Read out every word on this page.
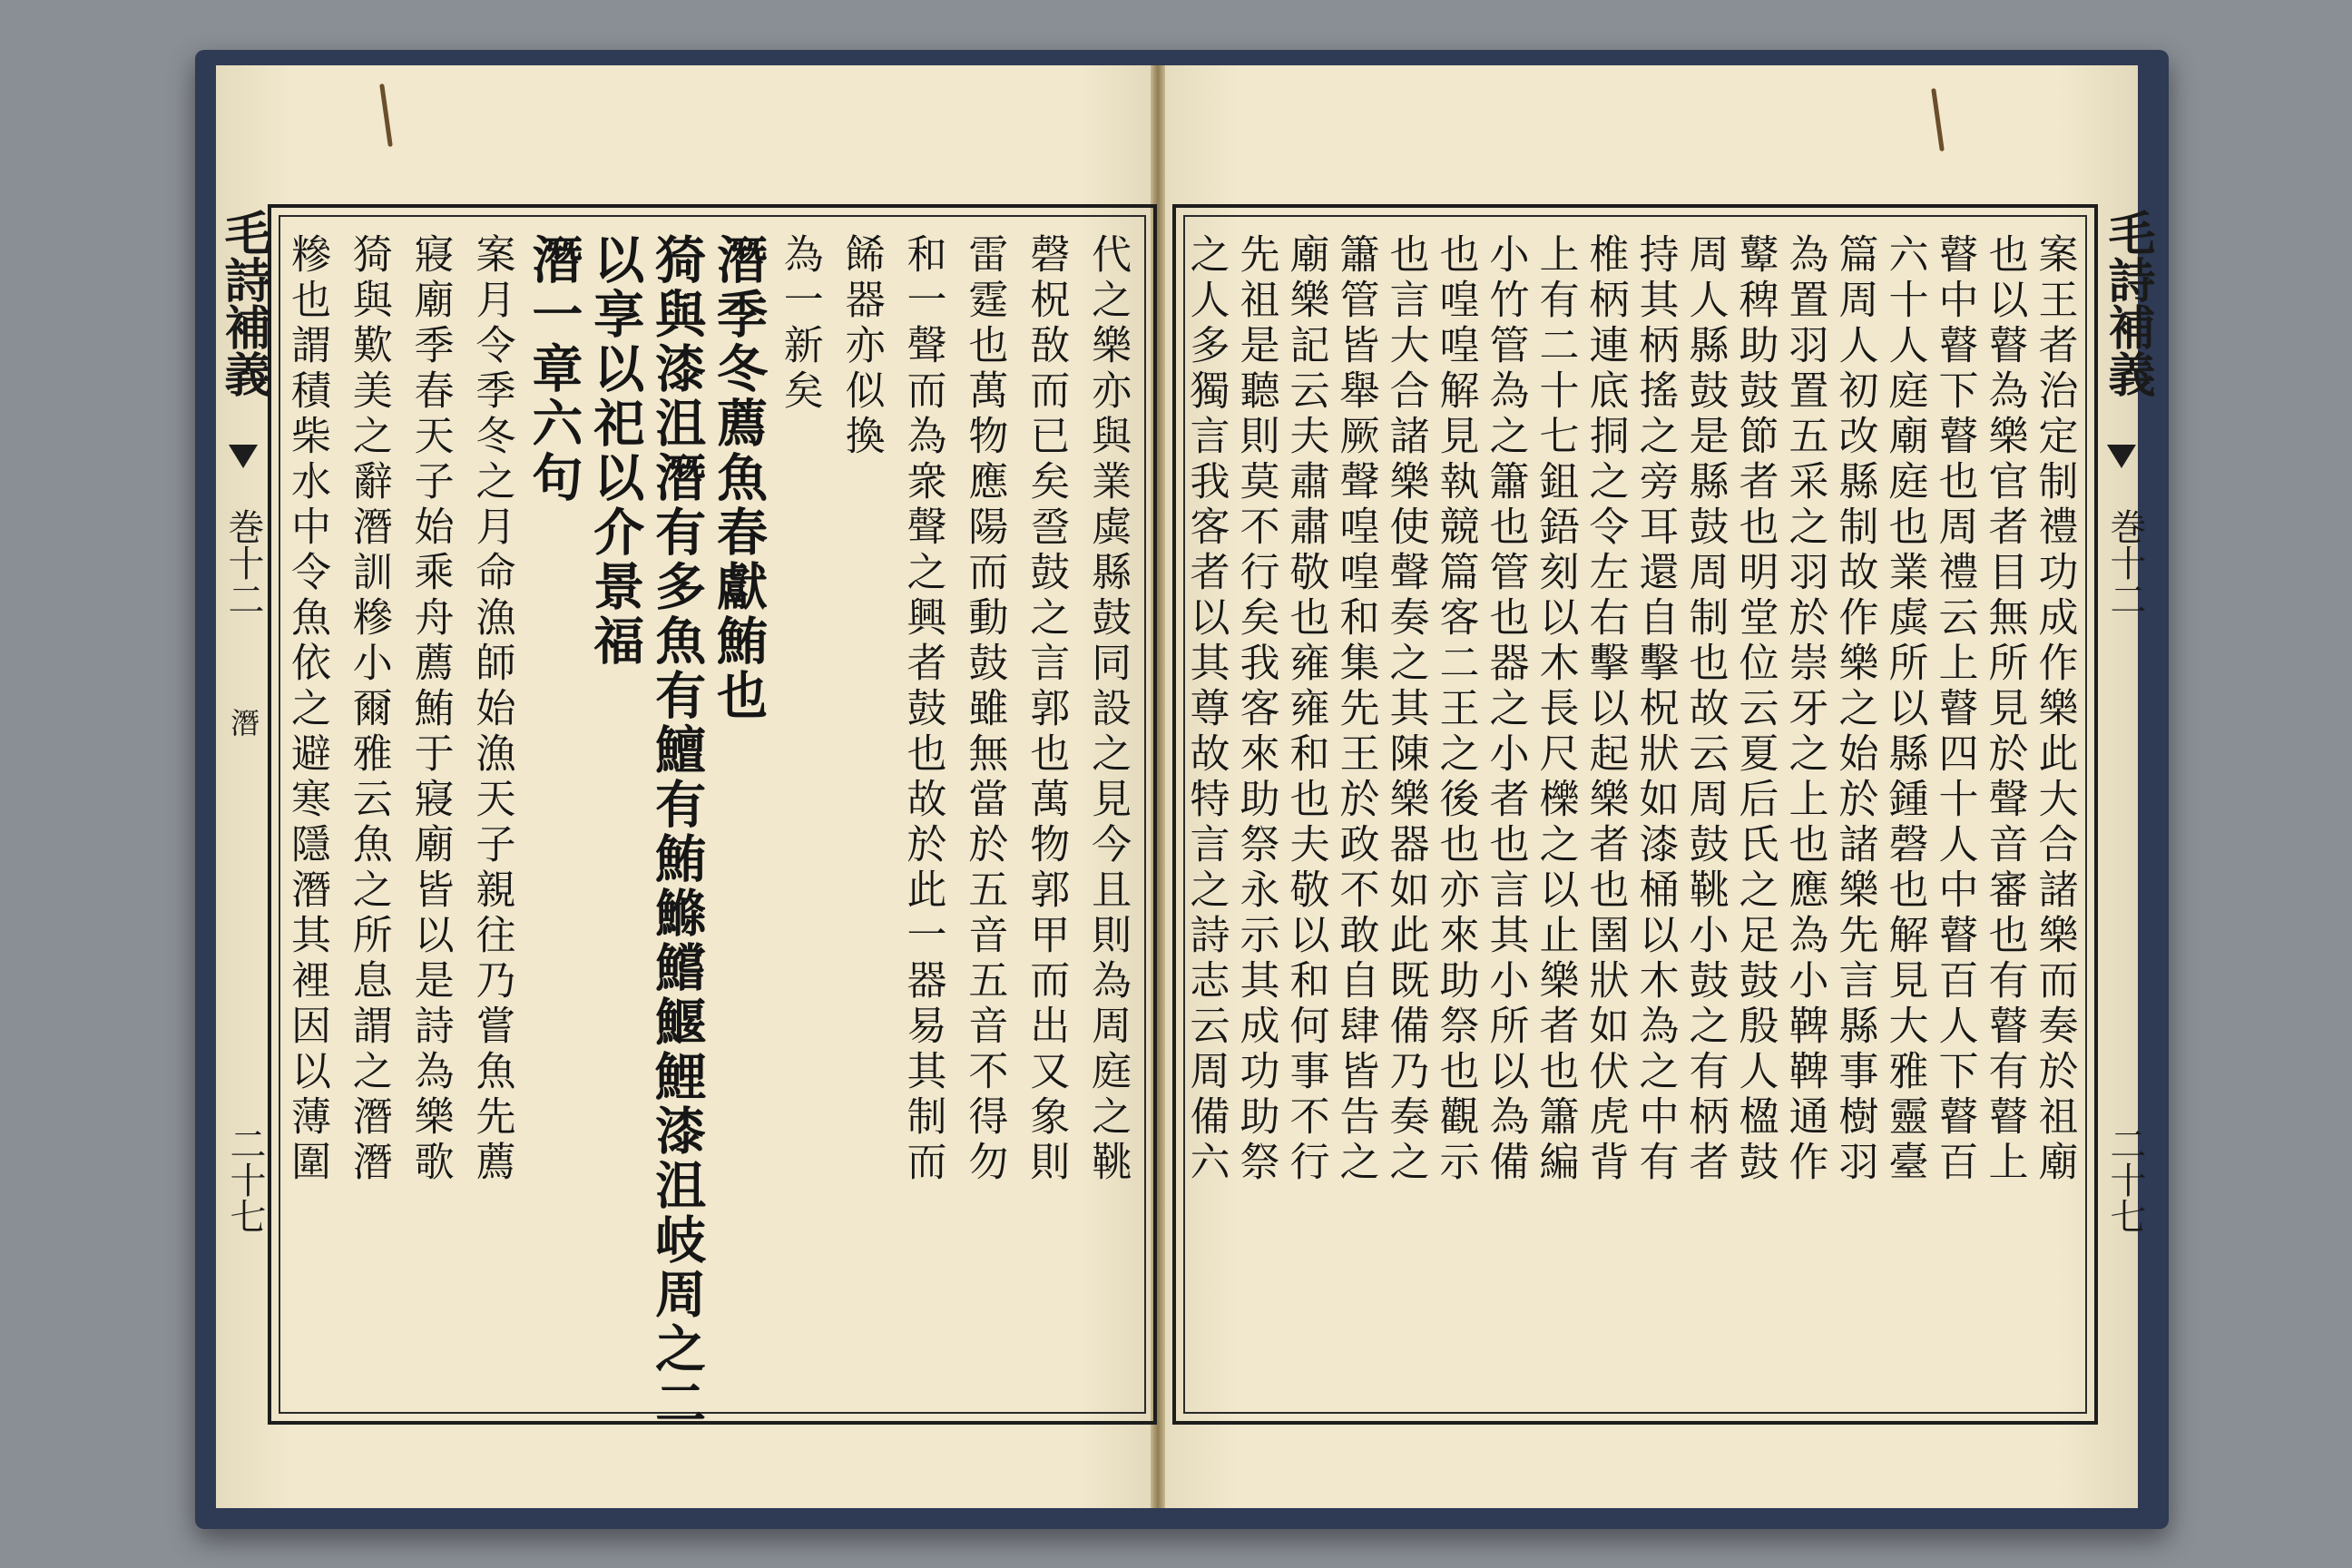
毛詩補義
巻十二
潛
二十七
毛詩補義
巻十二
二十七
代之樂亦與業虡縣鼓同設之見今且則為周庭之鞉
磬柷敔而已矣巹鼓之言郭也萬物郭甲而出又象則
雷霆也萬物應陽而動鼓雖無當於五音五音不得勿
和一聲而為衆聲之興者鼓也故於此一器易其制而
餙器亦似換
為一新矣
潛季冬薦魚春獻鮪也
猗與漆沮潛有多魚有鱣有鮪鰷鱨鰋鯉漆沮岐周之二
以享以祀以介景福
潛一章六句
案月令季冬之月命漁師始漁天子親往乃嘗魚先薦
寢廟季春天子始乘舟薦鮪于寢廟皆以是詩為樂歌
猗與歎美之辭潛訓糝小爾雅云魚之所息謂之潛潛
糝也謂積柴水中令魚依之避寒隱潛其裡因以薄圍	案王者治定制禮功成作樂此大合諸樂而奏於祖廟
也以瞽為樂官者目無所見於聲音審也有瞽有瞽上
瞽中瞽下瞽也周禮云上瞽四十人中瞽百人下瞽百
六十人庭廟庭也業虡所以縣鍾磬也解見大雅靈臺
篇周人初改縣制故作樂之始於諸樂先言縣事樹羽
為置羽置五采之羽於崇牙之上也應為小鞞鞞通作
鼙稗助鼓節者也明堂位云夏后氏之足鼓殷人楹鼓
周人縣鼓是縣鼓周制也故云周鼓鞉小鼓之有柄者
持其柄搖之旁耳還自擊柷狀如漆桶以木為之中有
椎柄連底挏之令左右擊以起樂者也圉狀如伏虎背
上有二十七鉏鋙刻以木長尺櫟之以止樂者也簫編
小竹管為之簫也管也器之小者也言其小所以為備
也喤喤解見執競篇客二王之後也亦來助祭也觀示
也言大合諸樂使聲奏之其陳樂器如此既備乃奏之
簫管皆舉厥聲喤喤和集先王於政不敢自肆皆告之
廟樂記云夫肅肅敬也雍雍和也夫敬以和何事不行
先祖是聽則莫不行矣我客來助祭永示其成功助祭
之人多獨言我客者以其尊故特言之詩志云周備六
